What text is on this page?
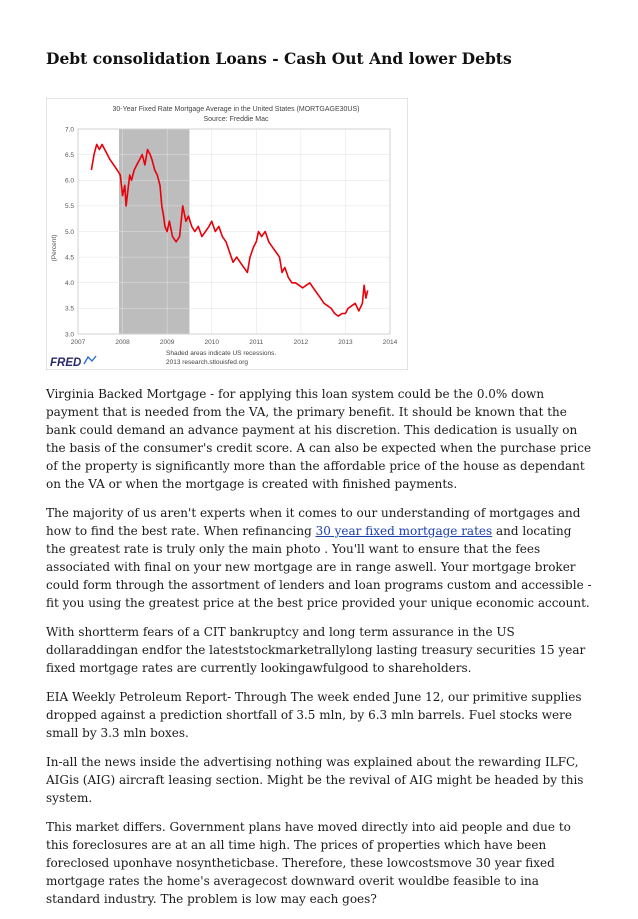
Debt consolidation Loans - Cash Out And lower Debts
30-Year Fixed Rate Mortgage Average in the United States (MORTGAGE30US)
Source: Freddie Mac
(Percent)
3.0
3.5
4.0
4.5
5.0
5.5
6.0
6.5
7.0
2007	2008	2009	2010	2011	2012	2013	2014
FRED
Shaded areas indicate US recessions.
2013 research.stlouisfed.org

Virginia Backed Mortgage - for applying this loan system could be the 0.0% down payment that is needed from the VA, the primary benefit. It should be known that the bank could demand an advance payment at his discretion. This dedication is usually on the basis of the consumer's credit score. A can also be expected when the purchase price of the property is significantly more than the affordable price of the house as dependant on the VA or when the mortgage is created with finished payments.

The majority of us aren't experts when it comes to our understanding of mortgages and how to find the best rate. When refinancing 30 year fixed mortgage rates and locating the greatest rate is truly only the main photo . You'll want to ensure that the fees associated with final on your new mortgage are in range aswell. Your mortgage broker could form through the assortment of lenders and loan programs custom and accessible -fit you using the greatest price at the best price provided your unique economic account.

With shortterm fears of a CIT bankruptcy and long term assurance in the US dollaraddingan endfor the lateststockmarketrallylong lasting treasury securities 15 year fixed mortgage rates are currently lookingawfulgood to shareholders.

EIA Weekly Petroleum Report- Through The week ended June 12, our primitive supplies dropped against a prediction shortfall of 3.5 mln, by 6.3 mln barrels. Fuel stocks were small by 3.3 mln boxes.

In-all the news inside the advertising nothing was explained about the rewarding ILFC, AIGis (AIG) aircraft leasing section. Might be the revival of AIG might be headed by this system.

This market differs. Government plans have moved directly into aid people and due to this foreclosures are at an all time high. The prices of properties which have been foreclosed uponhave nosyntheticbase. Therefore, these lowcostsmove 30 year fixed mortgage rates the home's averagecost downward overit wouldbe feasible to ina standard industry. The problem is low may each goes?
